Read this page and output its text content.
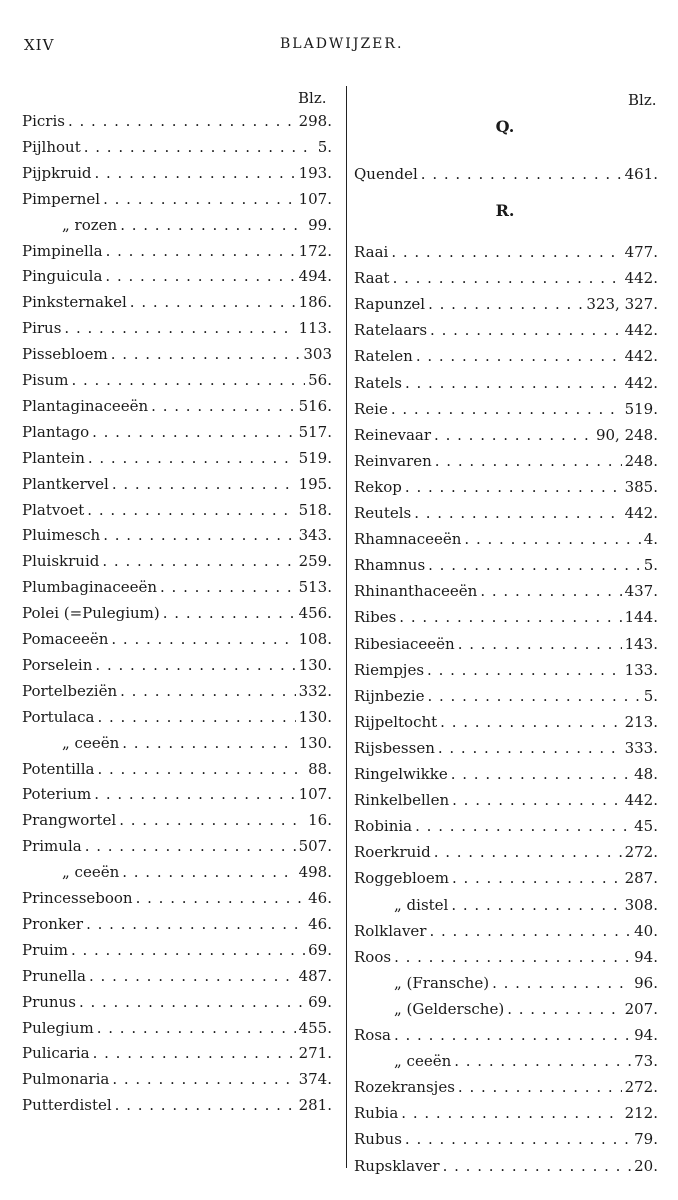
XIV	BLADWIJZER.
Blz.	Blz.
Picris . . .	298.
Pijlhout . . .	5.
Pijpkruid . . .	193.
Pimpernel . . .	107.
„ rozen . . .	99.
Pimpinella . . .	172.
Pinguicula . . .	494.
Pinksternakel . . .	186.
Pirus . . .	113.
Pissebloem . . .	303
Pisum . . .	56.
Plantaginaceeën . . .	516.
Plantago . . .	517.
Plantein . . .	519.
Plantkervel . . .	195.
Platvoet . . .	518.
Pluimesch . . .	343.
Pluiskruid . . .	259.
Plumbaginaceeën . . .	513.
Polei (=Pulegium) . . .	456.
Pomaceeën . . .	108.
Porselein . . .	130.
Portelbeziën . . .	332.
Portulaca . . .	130.
„ ceeën . . .	130.
Potentilla . . .	88.
Poterium . . .	107.
Prangwortel . . .	16.
Primula . . .	507.
„ ceeën . . .	498.
Princesseboon . . .	46.
Pronker . . .	46.
Pruim . . .	69.
Prunella . . .	487.
Prunus . . .	69.
Pulegium . . .	455.
Pulicaria . . .	271.
Pulmonaria . . .	374.
Putterdistel . . .	281.
Q.
Quendel . . .	461.
R.
Raai . . .	477.
Raat . . .	442.
Rapunzel . . .	323, 327.
Ratelaars . . .	442.
Ratelen . . .	442.
Ratels . . .	442.
Reie . . .	519.
Reinevaar . . .	90, 248.
Reinvaren . . .	248.
Rekop . . .	385.
Reutels . . .	442.
Rhamnaceeën . . .	4.
Rhamnus . . .	5.
Rhinanthaceeën . . .	437.
Ribes . . .	144.
Ribesiaceeën . . .	143.
Riempjes . . .	133.
Rijnbezie . . .	5.
Rijpeltocht . . .	213.
Rijsbessen . . .	333.
Ringelwikke . . .	48.
Rinkelbellen . . .	442.
Robinia . . .	45.
Roerkruid . . .	272.
Roggebloem . . .	287.
„ distel . . .	308.
Rolklaver . . .	40.
Roos . . .	94.
„ (Fransche) . . .	96.
„ (Geldersche) . . .	207.
Rosa . . .	94.
„ ceeën . . .	73.
Rozekransjes . . .	272.
Rubia . . .	212.
Rubus . . .	79.
Rupsklaver . . .	20.
